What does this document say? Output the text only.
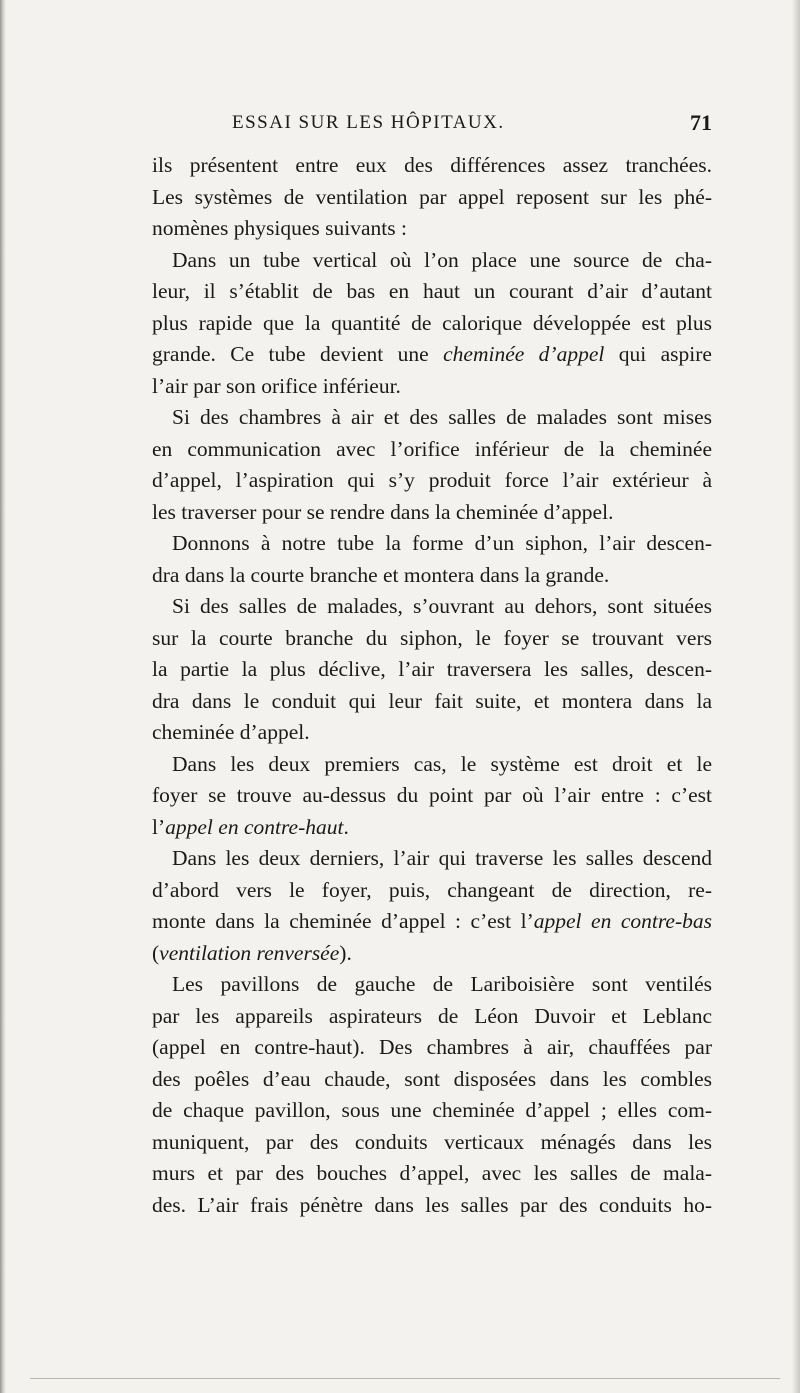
ESSAI SUR LES HÔPITAUX.	71
ils présentent entre eux des différences assez tranchées.
Les systèmes de ventilation par appel reposent sur les phé-
nomènes physiques suivants :
Dans un tube vertical où l’on place une source de cha-
leur, il s’établit de bas en haut un courant d’air d’autant
plus rapide que la quantité de calorique développée est plus
grande. Ce tube devient une cheminée d’appel qui aspire
l’air par son orifice inférieur.
Si des chambres à air et des salles de malades sont mises
en communication avec l’orifice inférieur de la cheminée
d’appel, l’aspiration qui s’y produit force l’air extérieur à
les traverser pour se rendre dans la cheminée d’appel.
Donnons à notre tube la forme d’un siphon, l’air descen-
dra dans la courte branche et montera dans la grande.
Si des salles de malades, s’ouvrant au dehors, sont situées
sur la courte branche du siphon, le foyer se trouvant vers
la partie la plus déclive, l’air traversera les salles, descen-
dra dans le conduit qui leur fait suite, et montera dans la
cheminée d’appel.
Dans les deux premiers cas, le système est droit et le
foyer se trouve au-dessus du point par où l’air entre : c’est
l’appel en contre-haut.
Dans les deux derniers, l’air qui traverse les salles descend
d’abord vers le foyer, puis, changeant de direction, re-
monte dans la cheminée d’appel : c’est l’appel en contre-bas
(ventilation renversée).
Les pavillons de gauche de Lariboisière sont ventilés
par les appareils aspirateurs de Léon Duvoir et Leblanc
(appel en contre-haut). Des chambres à air, chauffées par
des poêles d’eau chaude, sont disposées dans les combles
de chaque pavillon, sous une cheminée d’appel ; elles com-
muniquent, par des conduits verticaux ménagés dans les
murs et par des bouches d’appel, avec les salles de mala-
des. L’air frais pénètre dans les salles par des conduits ho-
